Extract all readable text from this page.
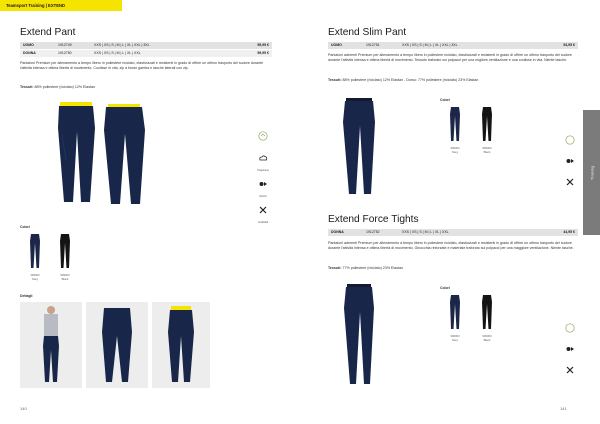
Teamsport Training | EXTEND
Extend Pant
UOMO	1912749	XXS | XS | S | M | L | XL | XXL | 3XL	59,95 €
DONNA	1912750	XXS | XS | S | M | L | XL | XXL	59,95 €
Pantaloni Premium per allenamento a tempo libero in poliestere riciclato, elasticizzati e resistenti in grado di offrire un ottimo trasporto del sudore durante l'attività intensa e ottima libertà di movimento. Coulisse in vita, zip a fondo gamba e tasche laterali con zip.
Tessuti: 88% poliestere (riciclato) 12% Elastan
Traspirante
Stretch
Vestibilità
Colori
396000
Navy
999000
Black
Dettagli
140
Extend Slim Pant
UOMO	1912751	XXS | XS | S | M | L | XL | XXL | 3XL	54,95 €
Pantaloni aderenti Premium per allenamento a tempo libero in poliestere riciclato, elasticizzati e resistenti in grado di offrire un ottimo trasporto del sudore durante l'attività intensa e ottima libertà di movimento. Tessuto traforato sui polpacci per una migliore ventilazione e una coulisse in vita. Niente tasche.
Tessuti: 88% poliestere (riciclato) 12% Elastan - Dorso: 77% poliestere (riciclato) 23% Elastan
Colori
396000
Navy
999000
Black

Training
Extend Force Tights
DONNA	1912752	XXS | XS | S | M | L | XL | XXL	44,95 €
Pantaloni aderenti Premium per allenamento a tempo libero in poliestere riciclato, elasticizzati e resistenti in grado di offrire un ottimo trasporto del sudore durante l'attività intensa e ottima libertà di movimento. Ginocchia rinforzate e materiale traforato sui polpacci per una maggiore ventilazione. Niente tasche.
Tessuti: 77% poliestere (riciclato) 23% Elastan
Colori
396000
Navy
999000
Black

141
